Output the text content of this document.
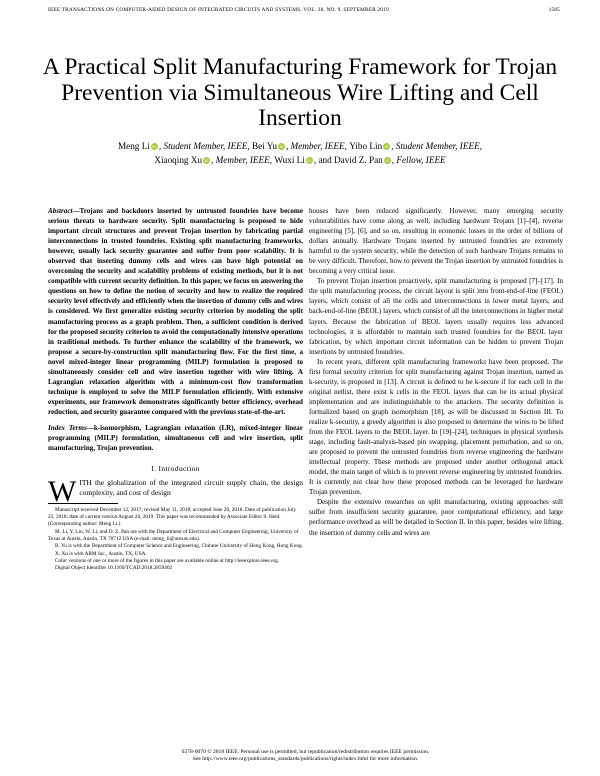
IEEE TRANSACTIONS ON COMPUTER-AIDED DESIGN OF INTEGRATED CIRCUITS AND SYSTEMS, VOL. 38, NO. 9, SEPTEMBER 2019	1585
A Practical Split Manufacturing Framework for Trojan Prevention via Simultaneous Wire Lifting and Cell Insertion
Meng Li iD , Student Member, IEEE, Bei Yu iD , Member, IEEE, Yibo Lin iD , Student Member, IEEE,
Xiaoqing Xu iD , Member, IEEE, Wuxi Li iD , and David Z. Pan iD , Fellow, IEEE
Abstract—Trojans and backdoors inserted by untrusted foundries have become serious threats to hardware security. Split manufacturing is proposed to hide important circuit structures and prevent Trojan insertion by fabricating partial interconnections in trusted foundries. Existing split manufacturing frameworks, however, usually lack security guarantee and suffer from poor scalability. It is observed that inserting dummy cells and wires can have high potential on overcoming the security and scalability problems of existing methods, but it is not compatible with current security definition. In this paper, we focus on answering the questions on how to define the notion of security and how to realize the required security level effectively and efficiently when the insertion of dummy cells and wires is considered. We first generalize existing security criterion by modeling the split manufacturing process as a graph problem. Then, a sufficient condition is derived for the proposed security criterion to avoid the computationally intensive operations in traditional methods. To further enhance the scalability of the framework, we propose a secure-by-construction split manufacturing flow. For the first time, a novel mixed-integer linear programming (MILP) formulation is proposed to simultaneously consider cell and wire insertion together with wire lifting. A Lagrangian relaxation algorithm with a minimum-cost flow transformation technique is employed to solve the MILP formulation efficiently. With extensive experiments, our framework demonstrates significantly better efficiency, overhead reduction, and security guarantee compared with the previous state-of-the-art.
Index Terms—k-isomorphism, Lagrangian relaxation (LR), mixed-integer linear programming (MILP) formulation, simultaneous cell and wire insertion, split manufacturing, Trojan prevention.
I. Introduction
WITH the globalization of the integrated circuit supply chain, the design complexity, and cost of design

Manuscript received December 12, 2017; revised May 11, 2018; accepted June 20, 2018. Date of publication July 25, 2018; date of current version August 20, 2019. This paper was recommended by Associate Editor S. Held. (Corresponding author: Meng Li.)

M. Li, Y. Lin, W. Li, and D. Z. Pan are with the Department of Electrical and Computer Engineering, University of Texas at Austin, Austin, TX 78712 USA (e-mail: meng_li@utexas.edu).

B. Yu is with the Department of Computer Science and Engineering, Chinese University of Hong Kong, Hong Kong.

X. Xu is with ARM Inc., Austin, TX, USA.

Color versions of one or more of the figures in this paper are available online at http://ieeexplore.ieee.org.

Digital Object Identifier 10.1109/TCAD.2018.2859402

houses have been reduced significantly. However, many emerging security vulnerabilities have come along as well, including hardware Trojans [1]–[4], reverse engineering [5], [6], and so on, resulting in economic losses in the order of billions of dollars annually. Hardware Trojans inserted by untrusted foundries are extremely harmful to the system security, while the detection of such hardware Trojans remains to be very difficult. Therefore, how to prevent the Trojan insertion by untrusted foundries is becoming a very critical issue.

To prevent Trojan insertion proactively, split manufacturing is proposed [7]–[17]. In the split manufacturing process, the circuit layout is split into front-end-of-line (FEOL) layers, which consist of all the cells and interconnections in lower metal layers, and back-end-of-line (BEOL) layers, which consist of all the interconnections in higher metal layers. Because the fabrication of BEOL layers usually requires less advanced technologies, it is affordable to maintain such trusted foundries for the BEOL layer fabrication, by which important circuit information can be hidden to prevent Trojan insertions by untrusted foundries.

In recent years, different split manufacturing frameworks have been proposed. The first formal security criterion for split manufacturing against Trojan insertion, named as k-security, is proposed in [13]. A circuit is defined to be k-secure if for each cell in the original netlist, there exist k cells in the FEOL layers that can be its actual physical implementation and are indistinguishable to the attackers. The security definition is formalized based on graph isomorphism [18], as will be discussed in Section III. To realize k-security, a greedy algorithm is also proposed to determine the wires to be lifted from the FEOL layers to the BEOL layer. In [19]–[24], techniques in physical synthesis stage, including fault-analysis-based pin swapping, placement perturbation, and so on, are proposed to prevent the untrusted foundries from reverse engineering the hardware intellectual property. These methods are proposed under another orthogonal attack model, the main target of which is to prevent reverse engineering by untrusted foundries. It is currently not clear how these proposed methods can be leveraged for hardware Trojan prevention.

Despite the extensive researches on split manufacturing, existing approaches still suffer from insufficient security guarantee, poor computational efficiency, and large performance overhead as will be detailed in Section II. In this paper, besides wire lifting, the insertion of dummy cells and wires are

0278-0070 © 2018 IEEE. Personal use is permitted, but republication/redistribution requires IEEE permission.
See http://www.ieee.org/publications_standards/publications/rights/index.html for more information.
